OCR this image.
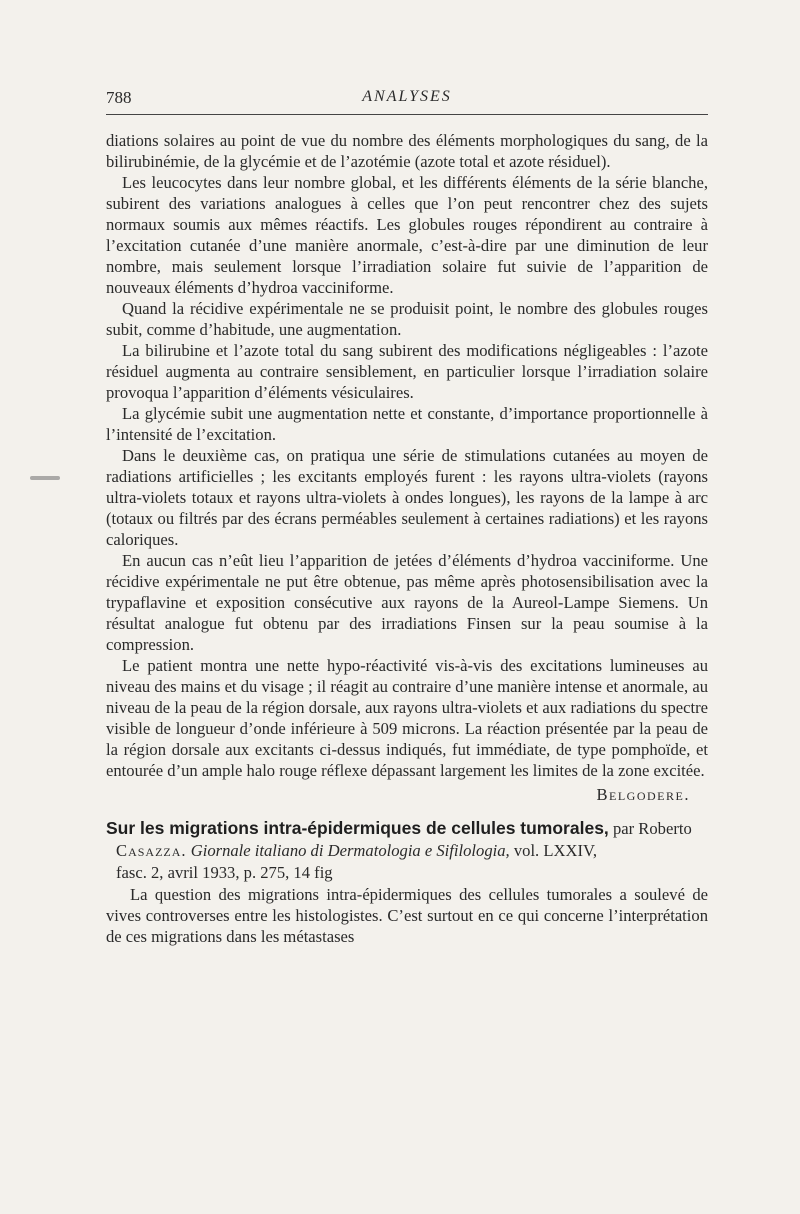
788	ANALYSES

diations solaires au point de vue du nombre des éléments morphologiques du sang, de la bilirubinémie, de la glycémie et de l’azotémie (azote total et azote résiduel).

Les leucocytes dans leur nombre global, et les différents éléments de la série blanche, subirent des variations analogues à celles que l’on peut rencontrer chez des sujets normaux soumis aux mêmes réactifs. Les globules rouges répondirent au contraire à l’excitation cutanée d’une manière anormale, c’est-à-dire par une diminution de leur nombre, mais seulement lorsque l’irradiation solaire fut suivie de l’apparition de nouveaux éléments d’hydroa vacciniforme.

Quand la récidive expérimentale ne se produisit point, le nombre des globules rouges subit, comme d’habitude, une augmentation.

La bilirubine et l’azote total du sang subirent des modifications négligeables : l’azote résiduel augmenta au contraire sensiblement, en particulier lorsque l’irradiation solaire provoqua l’apparition d’éléments vésiculaires.

La glycémie subit une augmentation nette et constante, d’importance proportionnelle à l’intensité de l’excitation.

Dans le deuxième cas, on pratiqua une série de stimulations cutanées au moyen de radiations artificielles ; les excitants employés furent : les rayons ultra-violets (rayons ultra-violets totaux et rayons ultra-violets à ondes longues), les rayons de la lampe à arc (totaux ou filtrés par des écrans perméables seulement à certaines radiations) et les rayons caloriques.

En aucun cas n’eût lieu l’apparition de jetées d’éléments d’hydroa vacciniforme. Une récidive expérimentale ne put être obtenue, pas même après photosensibilisation avec la trypaflavine et exposition consécutive aux rayons de la Aureol-Lampe Siemens. Un résultat analogue fut obtenu par des irradiations Finsen sur la peau soumise à la compression.

Le patient montra une nette hypo-réactivité vis-à-vis des excitations lumineuses au niveau des mains et du visage ; il réagit au contraire d’une manière intense et anormale, au niveau de la peau de la région dorsale, aux rayons ultra-violets et aux radiations du spectre visible de longueur d’onde inférieure à 509 microns. La réaction présentée par la peau de la région dorsale aux excitants ci-dessus indiqués, fut immédiate, de type pomphoïde, et entourée d’un ample halo rouge réflexe dépassant largement les limites de la zone excitée.

Belgodere.

Sur les migrations intra-épidermiques de cellules tumorales, par Roberto
Casazza. Giornale italiano di Dermatologia e Sifilologia, vol. LXXIV,
fasc. 2, avril 1933, p. 275, 14 fig

La question des migrations intra-épidermiques des cellules tumorales a soulevé de vives controverses entre les histologistes. C’est surtout en ce qui concerne l’interprétation de ces migrations dans les métastases
